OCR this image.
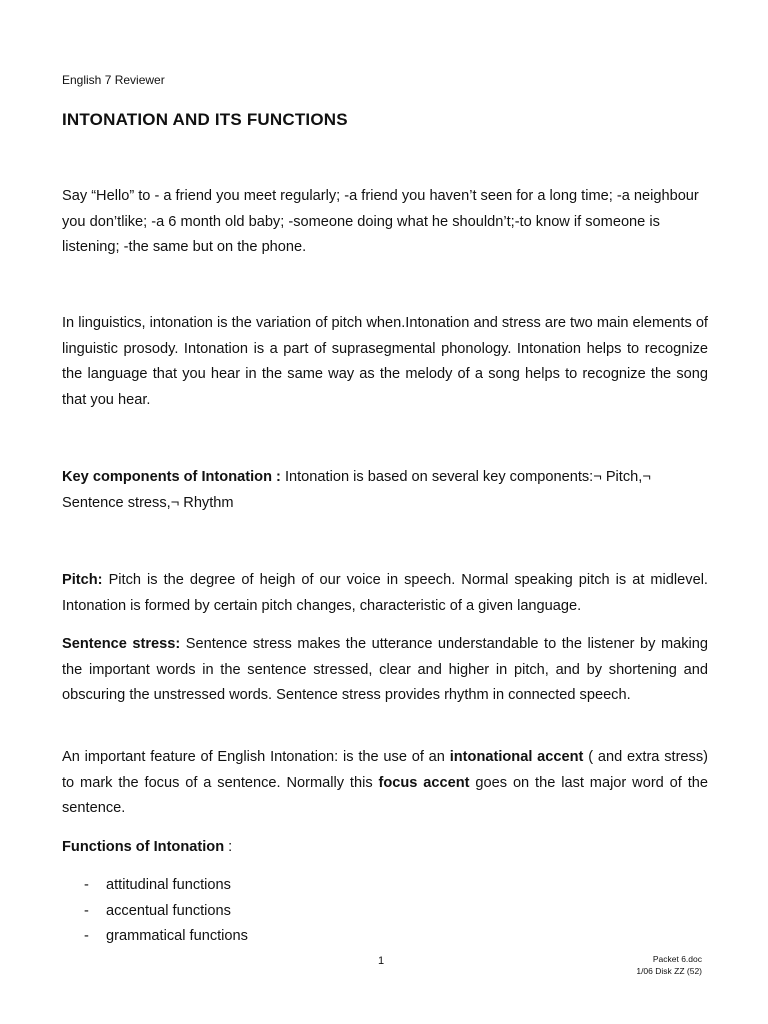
English 7 Reviewer
INTONATION AND ITS FUNCTIONS

Say “Hello” to - a friend you meet regularly; -a friend you haven’t seen for a long time; -a neighbour you don’tlike; -a 6 month old baby; -someone doing what he shouldn’t;-to know if someone is listening; -the same but on the phone.

In linguistics, intonation is the variation of pitch when.Intonation and stress are two main elements of linguistic prosody. Intonation is a part of suprasegmental phonology. Intonation helps to recognize the language that you hear in the same way as the melody of a song helps to recognize the song that you hear.

Key components of Intonation : Intonation is based on several key components:¬ Pitch,¬ Sentence stress,¬ Rhythm

Pitch: Pitch is the degree of heigh of our voice in speech. Normal speaking pitch is at midlevel. Intonation is formed by certain pitch changes, characteristic of a given language.

Sentence stress: Sentence stress makes the utterance understandable to the listener by making the important words in the sentence stressed, clear and higher in pitch, and by shortening and obscuring the unstressed words. Sentence stress provides rhythm in connected speech.

An important feature of English Intonation: is the use of an intonational accent ( and extra stress) to mark the focus of a sentence. Normally this focus accent goes on the last major word of the sentence.

Functions of Intonation :

-	attitudinal functions
-	accentual functions
-	grammatical functions
1	Packet 6.doc
1/06 Disk ZZ (52)
